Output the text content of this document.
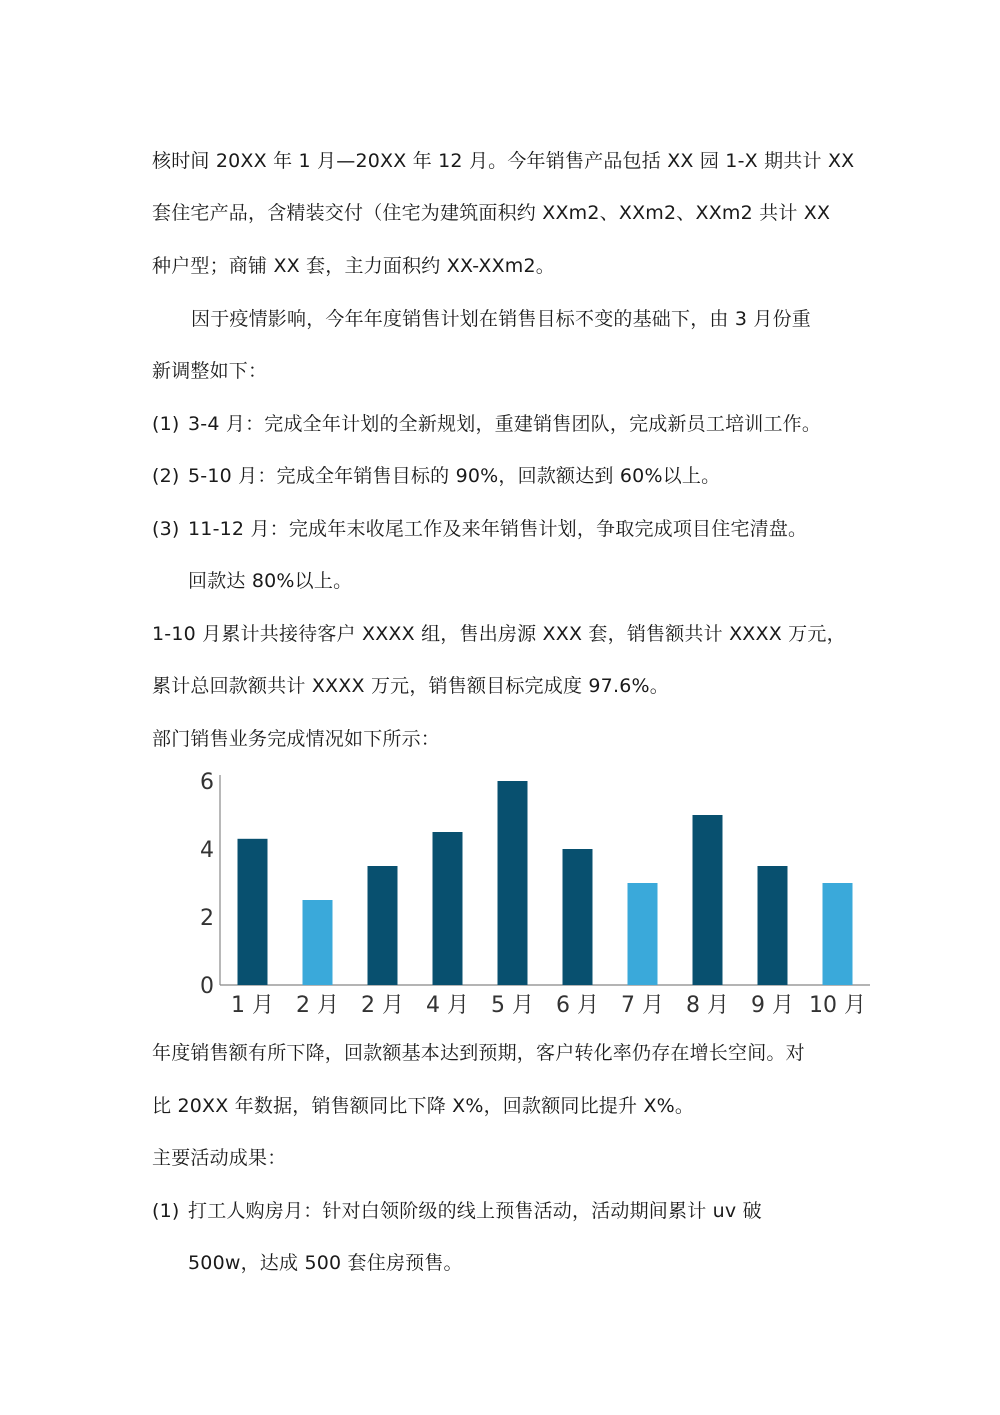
核时间 20XX 年 1 月—20XX 年 12 月。今年销售产品包括 XX 园 1-X 期共计 XX
套住宅产品，含精装交付（住宅为建筑面积约 XXm2、XXm2、XXm2 共计 XX
种户型；商铺 XX 套，主力面积约 XX-XXm2。
因于疫情影响，今年年度销售计划在销售目标不变的基础下，由 3 月份重
新调整如下：
(1) 3-4 月：完成全年计划的全新规划，重建销售团队，完成新员工培训工作。
(2) 5-10 月：完成全年销售目标的 90%，回款额达到 60%以上。
(3) 11-12 月：完成年末收尾工作及来年销售计划，争取完成项目住宅清盘。
回款达 80%以上。
1-10 月累计共接待客户 XXXX 组，售出房源 XXX 套，销售额共计 XXXX 万元，
累计总回款额共计 XXXX 万元，销售额目标完成度 97.6%。
部门销售业务完成情况如下所示：
0
2
4
6
1 月 2 月 2 月 4 月 5 月 6 月 7 月 8 月 9 月 10 月
年度销售额有所下降，回款额基本达到预期，客户转化率仍存在增长空间。对
比 20XX 年数据，销售额同比下降 X%，回款额同比提升 X%。
主要活动成果：
(1) 打工人购房月：针对白领阶级的线上预售活动，活动期间累计 uv 破
500w，达成 500 套住房预售。
